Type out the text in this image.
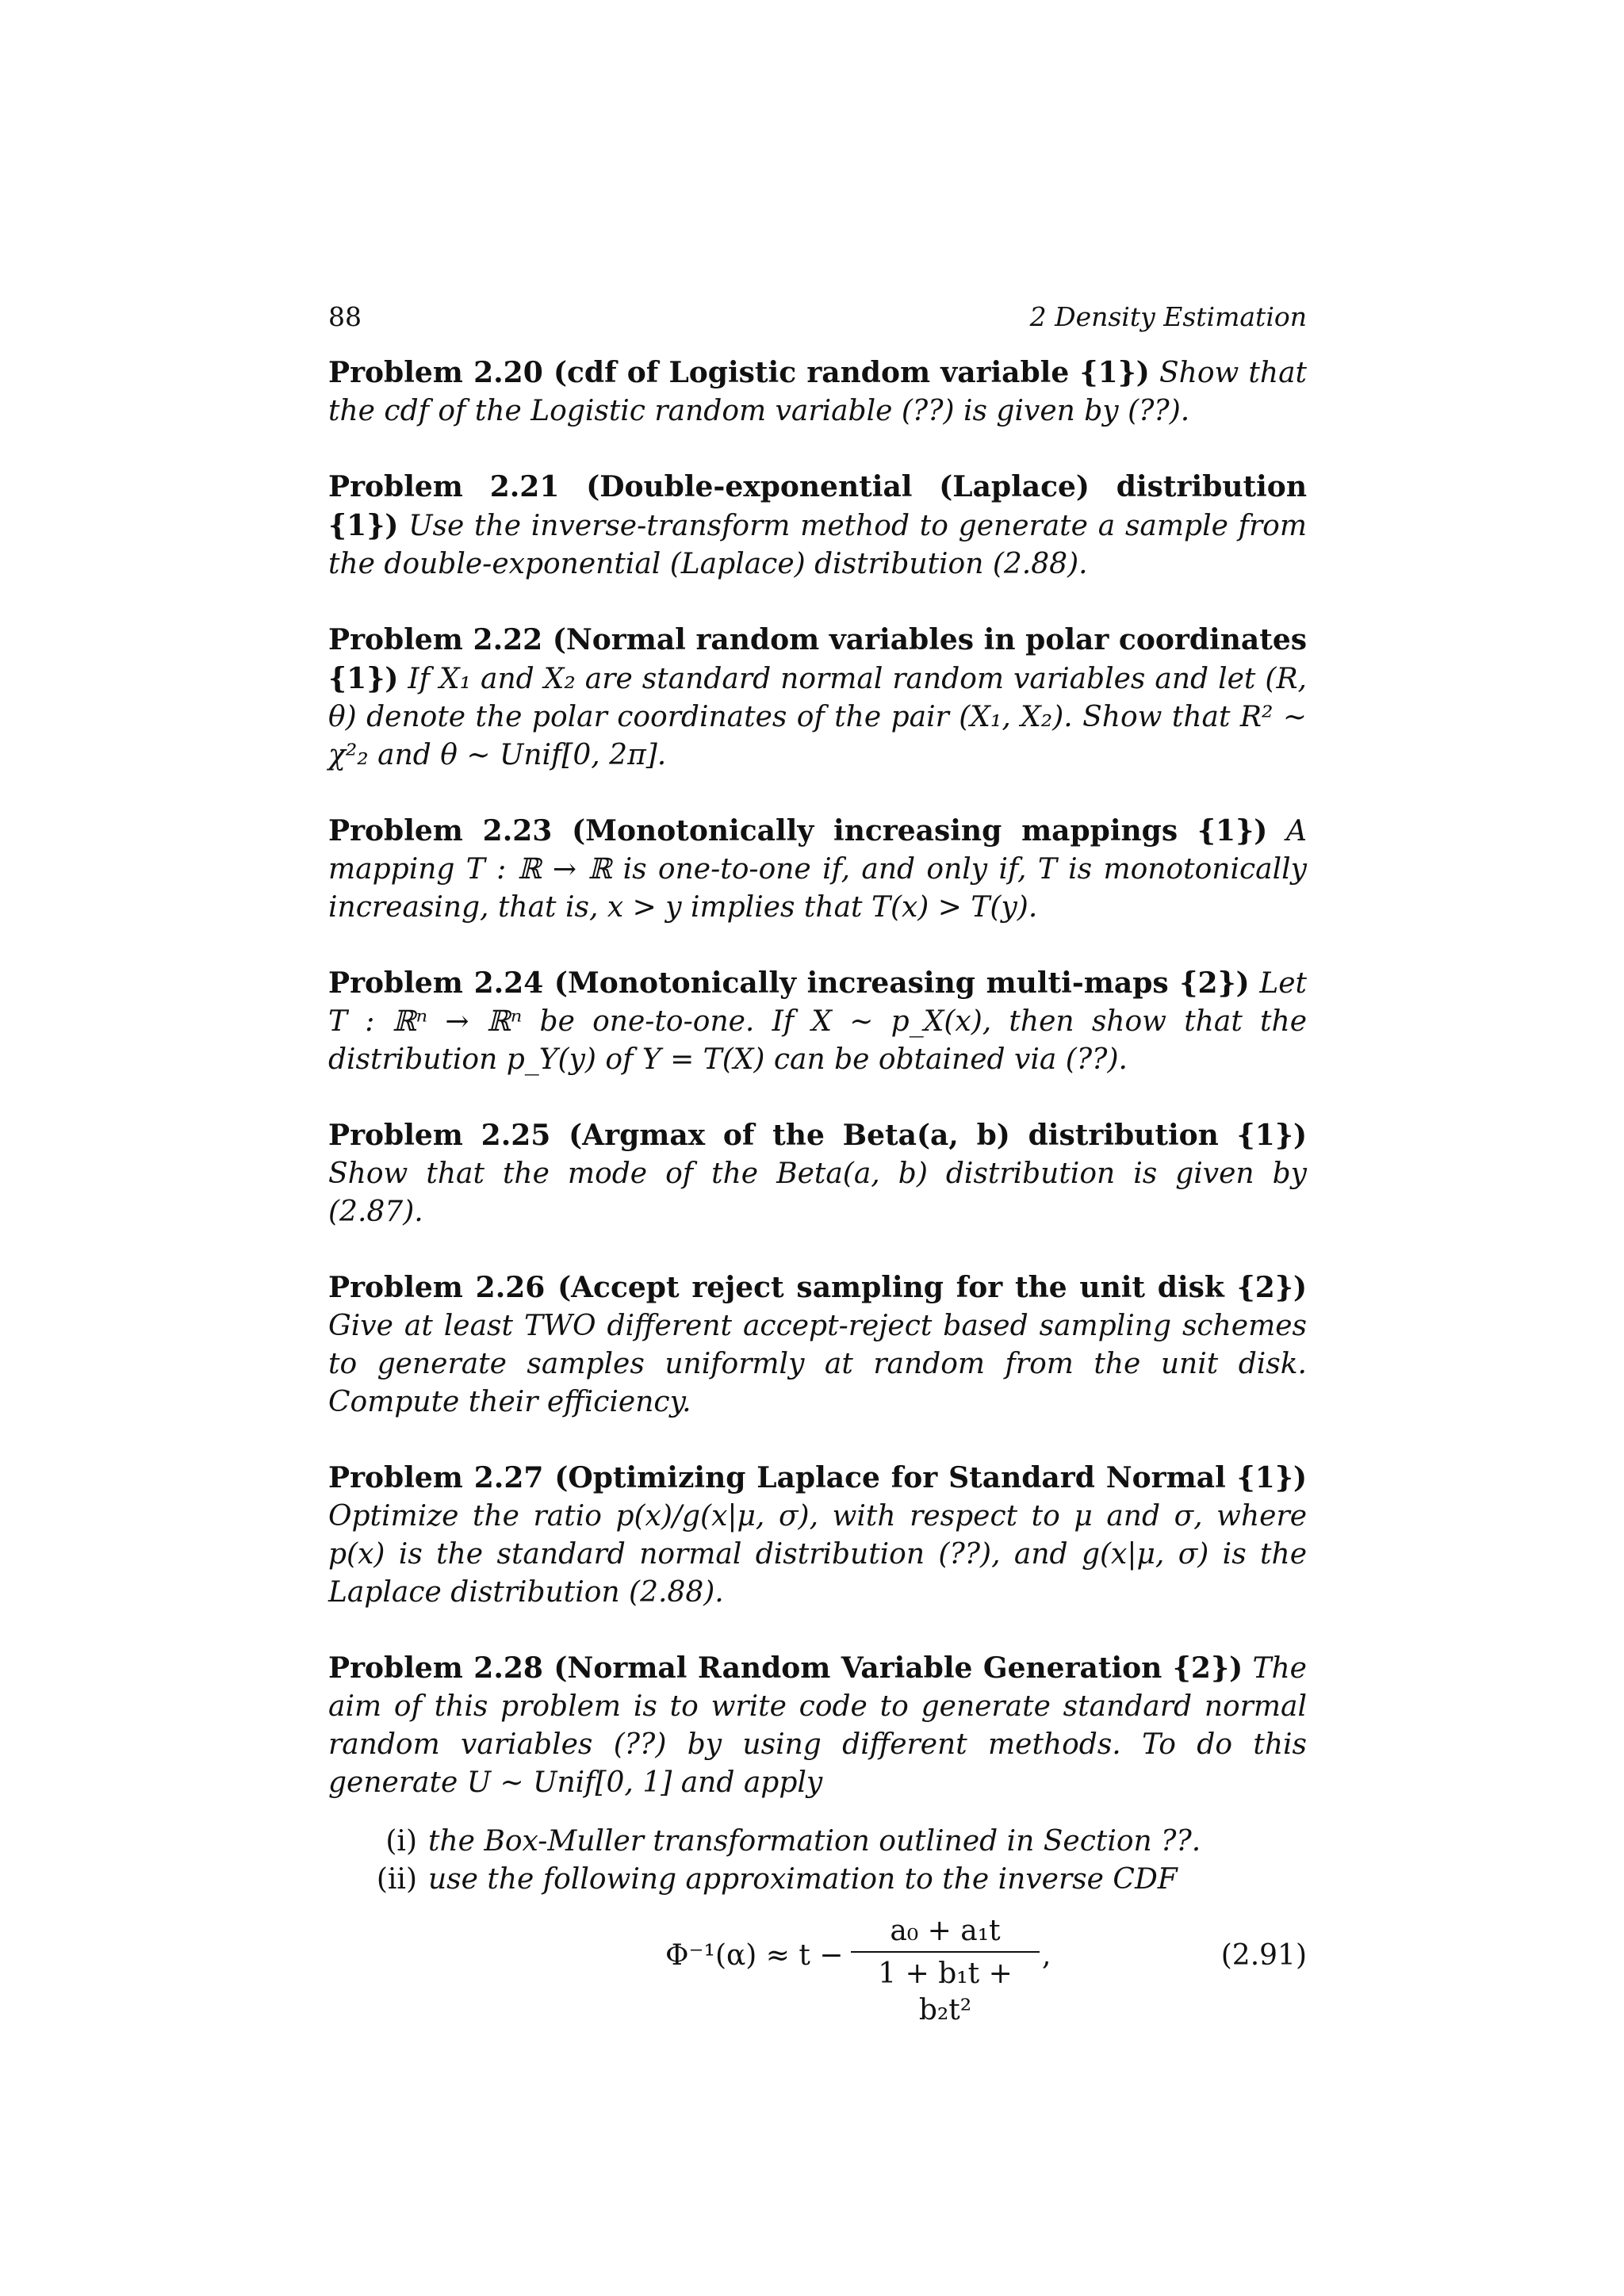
88	2 Density Estimation

Problem 2.20 (cdf of Logistic random variable {1}) Show that the cdf of the Logistic random variable (??) is given by (??).

Problem 2.21 (Double-exponential (Laplace) distribution {1}) Use the inverse-transform method to generate a sample from the double-exponential (Laplace) distribution (2.88).

Problem 2.22 (Normal random variables in polar coordinates {1}) If X₁ and X₂ are standard normal random variables and let (R, θ) denote the polar coordinates of the pair (X₁, X₂). Show that R² ∼ χ²₂ and θ ∼ Unif[0, 2π].

Problem 2.23 (Monotonically increasing mappings {1}) A mapping T : ℝ → ℝ is one-to-one if, and only if, T is monotonically increasing, that is, x > y implies that T(x) > T(y).

Problem 2.24 (Monotonically increasing multi-maps {2}) Let T : ℝⁿ → ℝⁿ be one-to-one. If X ∼ p_X(x), then show that the distribution p_Y(y) of Y = T(X) can be obtained via (??).

Problem 2.25 (Argmax of the Beta(a, b) distribution {1}) Show that the mode of the Beta(a, b) distribution is given by (2.87).

Problem 2.26 (Accept reject sampling for the unit disk {2}) Give at least TWO different accept-reject based sampling schemes to generate samples uniformly at random from the unit disk. Compute their efficiency.

Problem 2.27 (Optimizing Laplace for Standard Normal {1}) Optimize the ratio p(x)/g(x|μ, σ), with respect to μ and σ, where p(x) is the standard normal distribution (??), and g(x|μ, σ) is the Laplace distribution (2.88).

Problem 2.28 (Normal Random Variable Generation {2}) The aim of this problem is to write code to generate standard normal random variables (??) by using different methods. To do this generate U ∼ Unif[0, 1] and apply
(i) the Box-Muller transformation outlined in Section ??.
(ii) use the following approximation to the inverse CDF
Φ⁻¹(α) ≈ t −
a₀ + a₁t
1 + b₁t + b₂t²
,	(2.91)
